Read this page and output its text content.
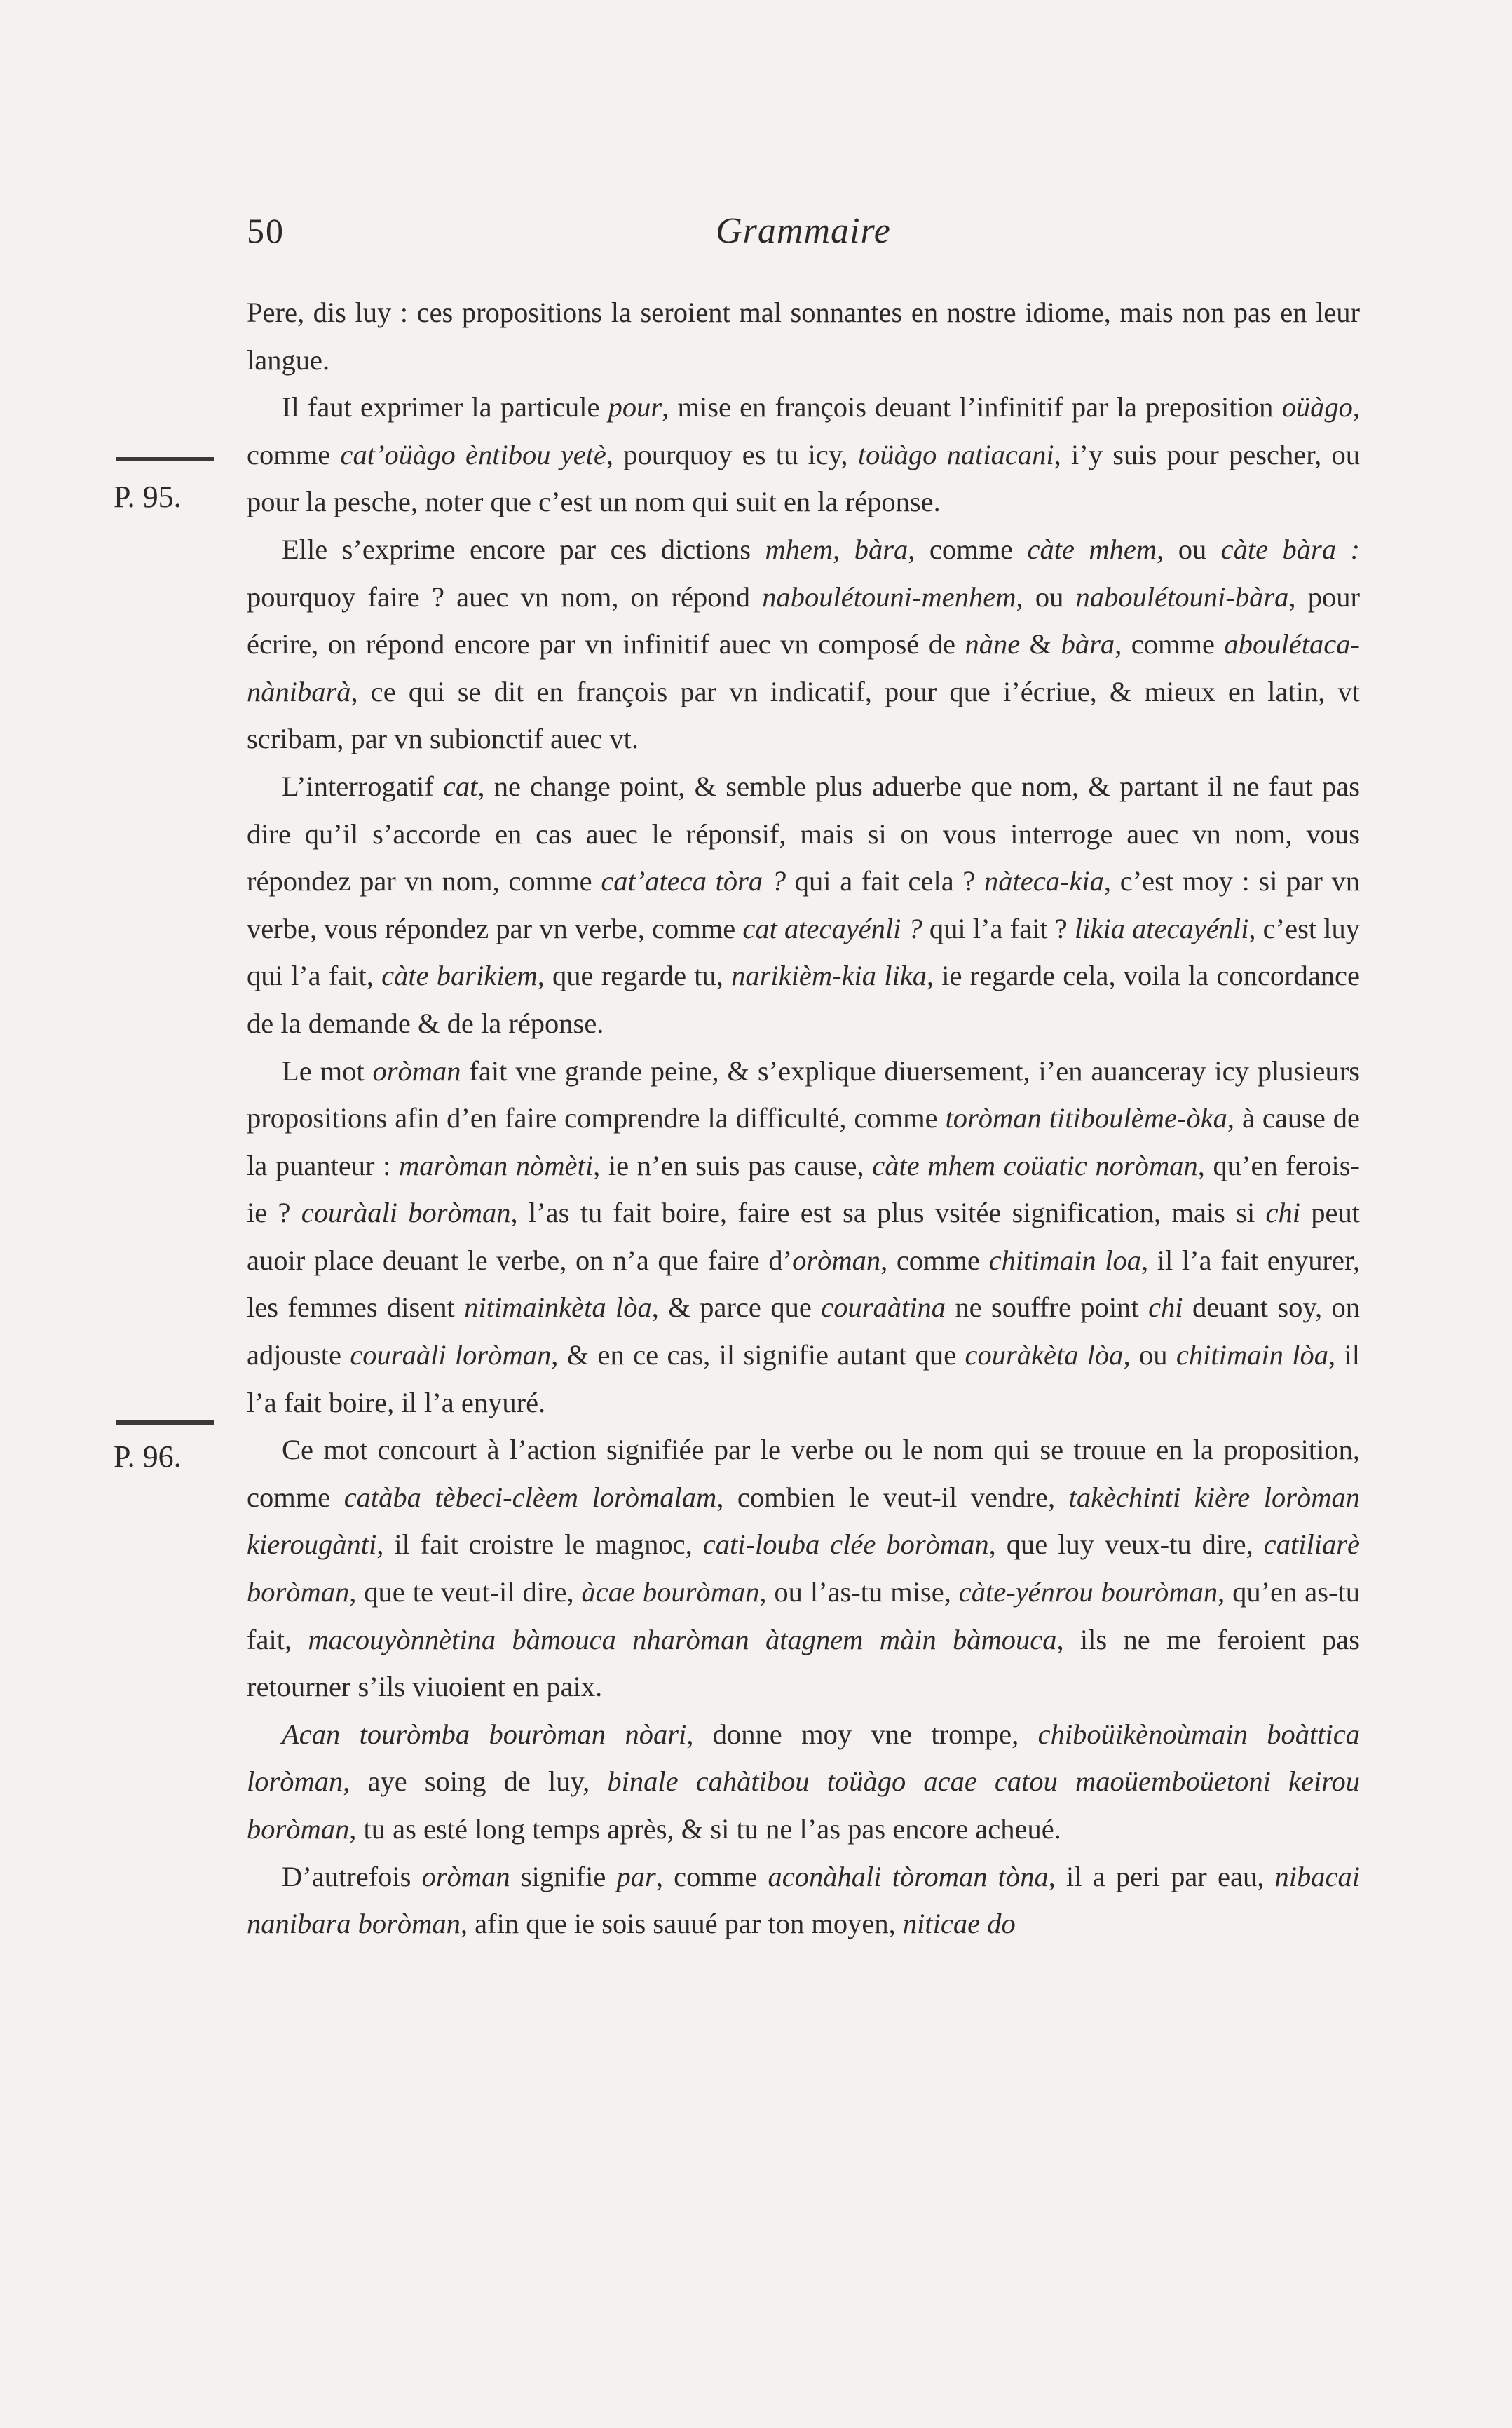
50	Grammaire
P. 95.
P. 96.

Pere, dis luy : ces propositions la seroient mal sonnantes en nostre idiome, mais non pas en leur langue.

Il faut exprimer la particule pour, mise en françois deuant l’infinitif par la preposition oüàgo, comme cat’oüàgo èntibou yetè, pourquoy es tu icy, toüàgo natiacani, i’y suis pour pescher, ou pour la pesche, noter que c’est un nom qui suit en la réponse.

Elle s’exprime encore par ces dictions mhem, bàra, comme càte mhem, ou càte bàra : pourquoy faire ? auec vn nom, on répond naboulétouni-menhem, ou naboulétouni-bàra, pour écrire, on répond encore par vn infinitif auec vn composé de nàne & bàra, comme aboulétaca-nànibarà, ce qui se dit en françois par vn indicatif, pour que i’écriue, & mieux en latin, vt scribam, par vn subionctif auec vt.

L’interrogatif cat, ne change point, & semble plus aduerbe que nom, & partant il ne faut pas dire qu’il s’accorde en cas auec le réponsif, mais si on vous interroge auec vn nom, vous répondez par vn nom, comme cat’ateca tòra ? qui a fait cela ? nàteca-kia, c’est moy : si par vn verbe, vous répondez par vn verbe, comme cat atecayénli ? qui l’a fait ? likia atecayénli, c’est luy qui l’a fait, càte barikiem, que regarde tu, narikièm-kia lika, ie regarde cela, voila la concordance de la demande & de la réponse.

Le mot oròman fait vne grande peine, & s’explique diuersement, i’en auanceray icy plusieurs propositions afin d’en faire comprendre la difficulté, comme toròman titiboulème-òka, à cause de la puanteur : maròman nòmèti, ie n’en suis pas cause, càte mhem coüatic noròman, qu’en ferois-ie ? couràali boròman, l’as tu fait boire, faire est sa plus vsitée signification, mais si chi peut auoir place deuant le verbe, on n’a que faire d’oròman, comme chitimain loa, il l’a fait enyurer, les femmes disent nitimainkèta lòa, & parce que couraàtina ne souffre point chi deuant soy, on adjouste couraàli loròman, & en ce cas, il signifie autant que couràkèta lòa, ou chitimain lòa, il l’a fait boire, il l’a enyuré.

Ce mot concourt à l’action signifiée par le verbe ou le nom qui se trouue en la proposition, comme catàba tèbeci-clèem loròmalam, combien le veut-il vendre, takèchinti kière loròman kierougànti, il fait croistre le magnoc, cati-louba clée boròman, que luy veux-tu dire, catiliarè boròman, que te veut-il dire, àcae bouròman, ou l’as-tu mise, càte-yénrou bouròman, qu’en as-tu fait, macouyònnètina bàmouca nharòman àtagnem màin bàmouca, ils ne me feroient pas retourner s’ils viuoient en paix.

Acan touròmba bouròman nòari, donne moy vne trompe, chiboüikènoùmain boàttica loròman, aye soing de luy, binale cahàtibou toüàgo acae catou maoüemboüetoni keirou boròman, tu as esté long temps après, & si tu ne l’as pas encore acheué.

D’autrefois oròman signifie par, comme aconàhali tòroman tòna, il a peri par eau, nibacai nanibara boròman, afin que ie sois sauué par ton moyen, niticae do
